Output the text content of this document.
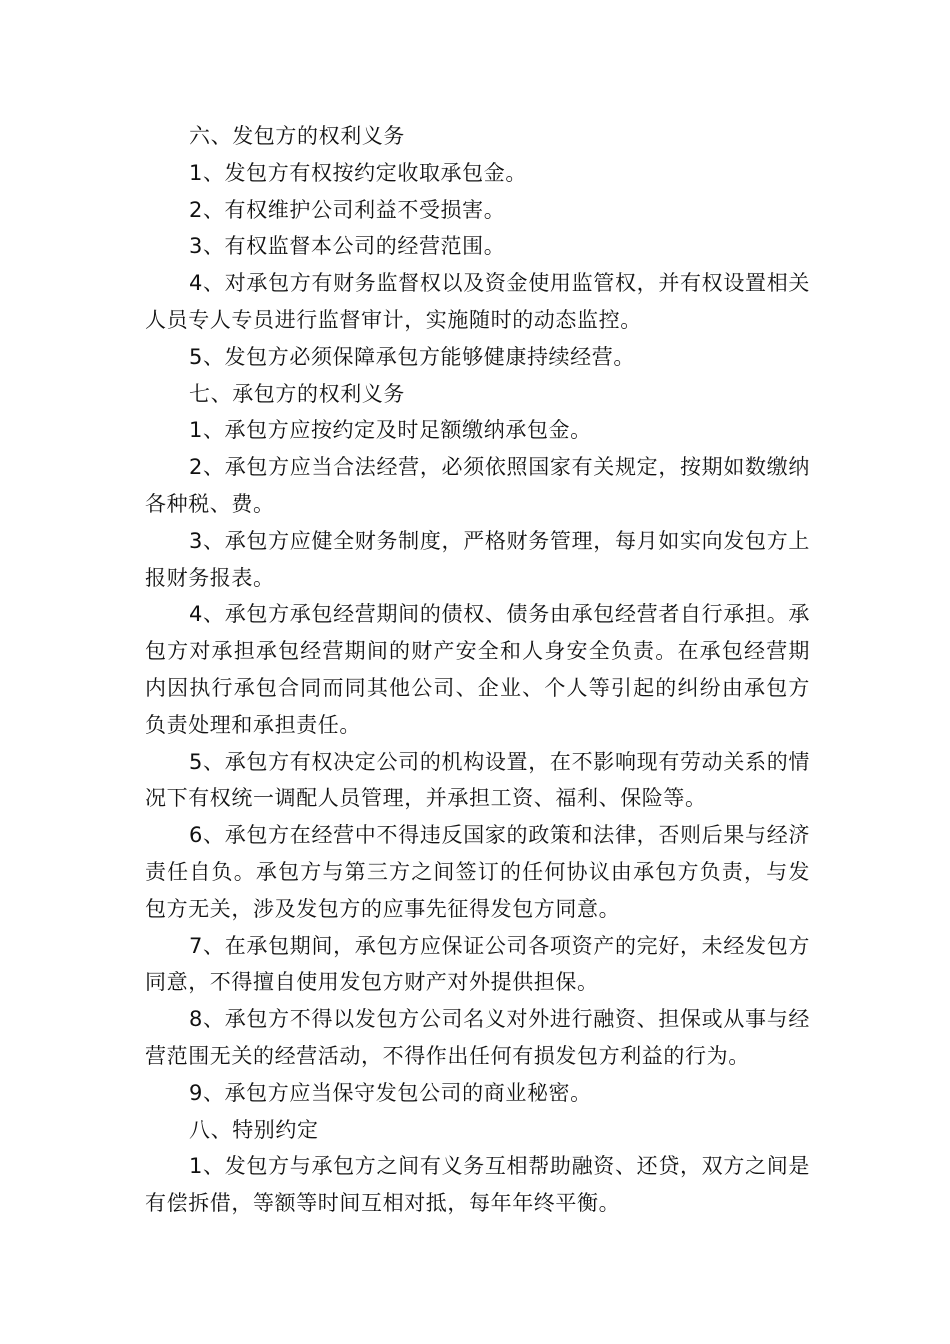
六、发包方的权利义务

1、发包方有权按约定收取承包金。

2、有权维护公司利益不受损害。

3、有权监督本公司的经营范围。

4、对承包方有财务监督权以及资金使用监管权，并有权设置相关人员专人专员进行监督审计，实施随时的动态监控。

5、发包方必须保障承包方能够健康持续经营。

七、承包方的权利义务

1、承包方应按约定及时足额缴纳承包金。

2、承包方应当合法经营，必须依照国家有关规定，按期如数缴纳各种税、费。

3、承包方应健全财务制度，严格财务管理，每月如实向发包方上报财务报表。

4、承包方承包经营期间的债权、债务由承包经营者自行承担。承包方对承担承包经营期间的财产安全和人身安全负责。在承包经营期内因执行承包合同而同其他公司、企业、个人等引起的纠纷由承包方负责处理和承担责任。

5、承包方有权决定公司的机构设置，在不影响现有劳动关系的情况下有权统一调配人员管理，并承担工资、福利、保险等。

6、承包方在经营中不得违反国家的政策和法律，否则后果与经济责任自负。承包方与第三方之间签订的任何协议由承包方负责，与发包方无关，涉及发包方的应事先征得发包方同意。

7、在承包期间，承包方应保证公司各项资产的完好，未经发包方同意，不得擅自使用发包方财产对外提供担保。

8、承包方不得以发包方公司名义对外进行融资、担保或从事与经营范围无关的经营活动，不得作出任何有损发包方利益的行为。

9、承包方应当保守发包公司的商业秘密。

八、特别约定

1、发包方与承包方之间有义务互相帮助融资、还贷，双方之间是有偿拆借，等额等时间互相对抵，每年年终平衡。
